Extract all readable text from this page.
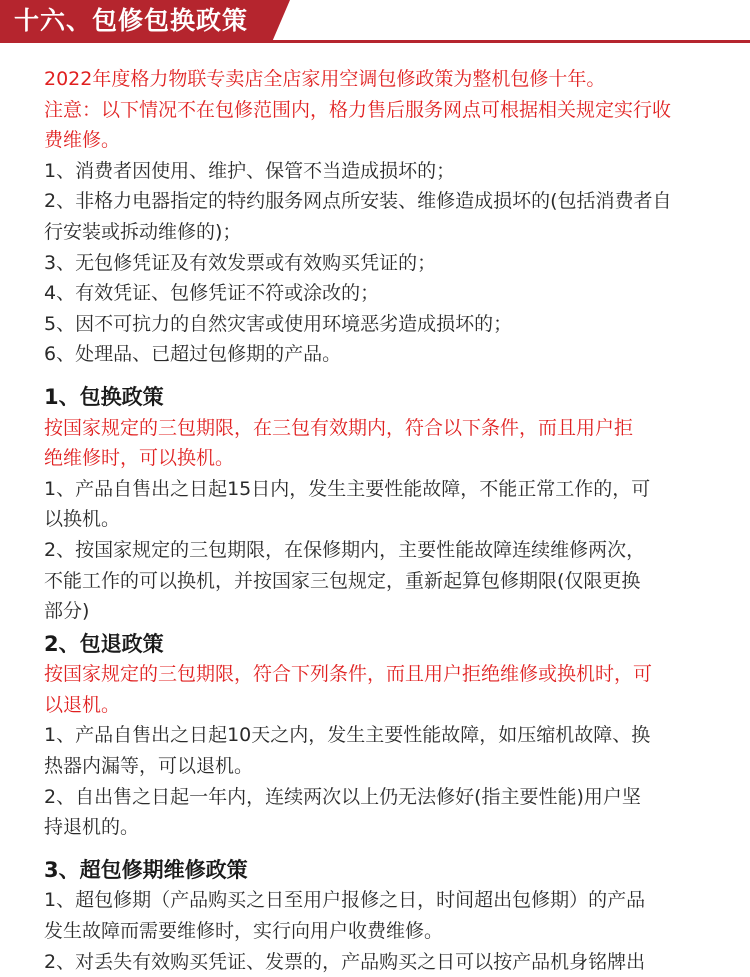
十六、包修包换政策

2022年度格力物联专卖店全店家用空调包修政策为整机包修十年。

注意：以下情况不在包修范围内，格力售后服务网点可根据相关规定实行收

费维修。

1、消费者因使用、维护、保管不当造成损坏的；

2、非格力电器指定的特约服务网点所安装、维修造成损坏的(包括消费者自

行安装或拆动维修的)；

3、无包修凭证及有效发票或有效购买凭证的；

4、有效凭证、包修凭证不符或涂改的；

5、因不可抗力的自然灾害或使用环境恶劣造成损坏的；

6、处理品、已超过包修期的产品。

1、包换政策

按国家规定的三包期限，在三包有效期内，符合以下条件，而且用户拒

绝维修时，可以换机。

1、产品自售出之日起15日内，发生主要性能故障，不能正常工作的，可

以换机。

2、按国家规定的三包期限，在保修期内，主要性能故障连续维修两次，

不能工作的可以换机，并按国家三包规定，重新起算包修期限(仅限更换

部分)

2、包退政策

按国家规定的三包期限，符合下列条件，而且用户拒绝维修或换机时，可

以退机。

1、产品自售出之日起10天之内，发生主要性能故障，如压缩机故障、换

热器内漏等，可以退机。

2、自出售之日起一年内，连续两次以上仍无法修好(指主要性能)用户坚

持退机的。

3、超包修期维修政策

1、超包修期（产品购买之日至用户报修之日，时间超出包修期）的产品

发生故障而需要维修时，实行向用户收费维修。

2、对丢失有效购买凭证、发票的，产品购买之日可以按产品机身铭牌出
